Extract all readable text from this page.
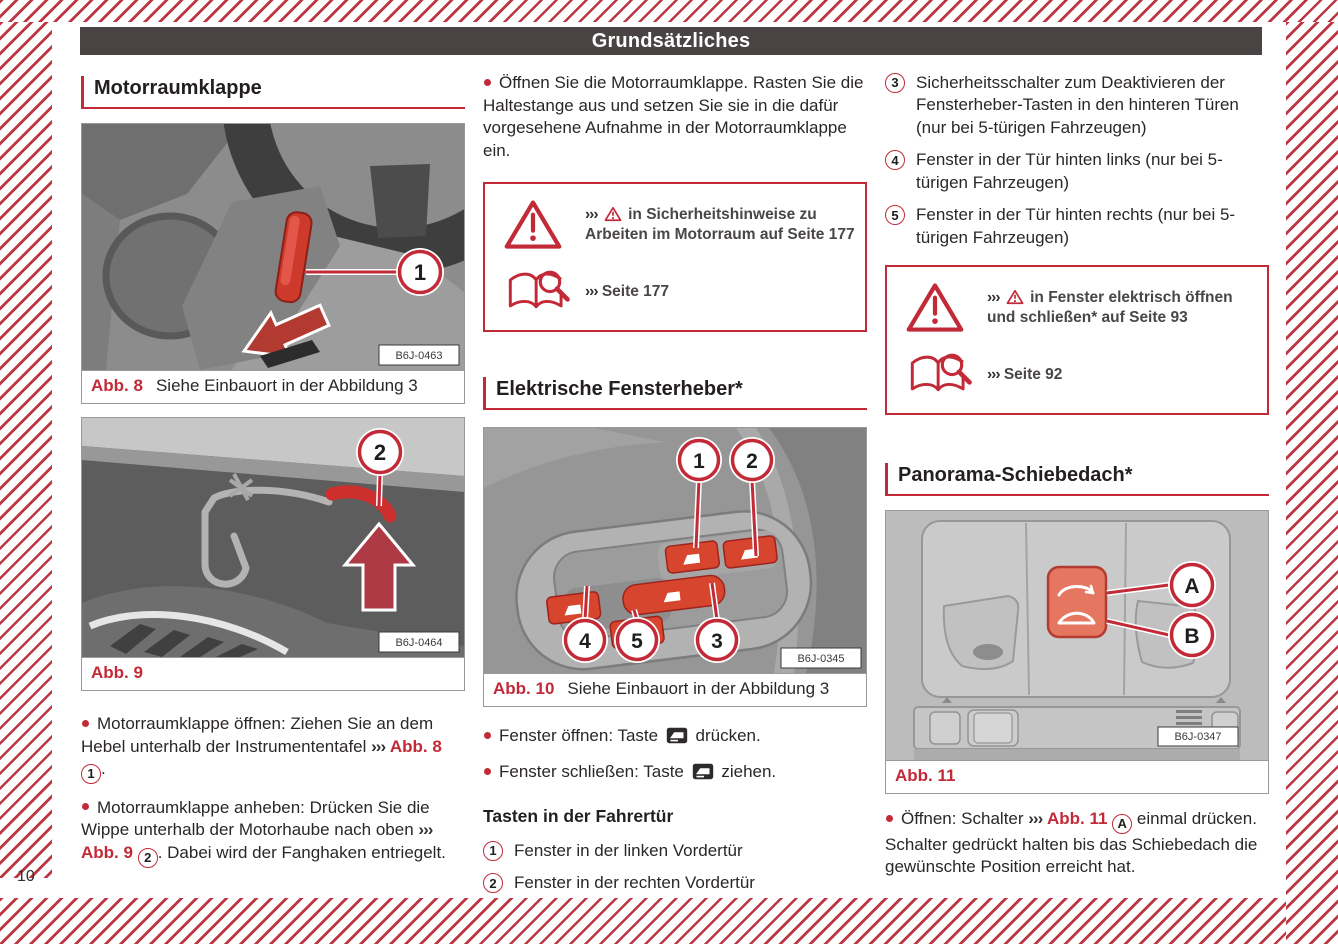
Grundsätzliches
Motorraumklappe
1
B6J-0463
Abb. 8 Siehe Einbauort in der Abbildung 3
2
B6J-0464
Abb. 9

Motorraumklappe öffnen: Ziehen Sie an dem Hebel unterhalb der Instrumententafel ››› Abb. 8 1 .

Motorraumklappe anheben: Drücken Sie die Wippe unterhalb der Motorhaube nach oben ››› Abb. 9 2 . Dabei wird der Fanghaken entriegelt.

Öffnen Sie die Motorraumklappe. Rasten Sie die Haltestange aus und setzen Sie sie in die dafür vorgesehene Aufnahme in der Motorraumklappe ein.

››› in Sicherheitshinweise zu Arbeiten im Motorraum auf Seite 177
››› Seite 177
Elektrische Fensterheber*
1 2
4 5	3
B6J-0345
Abb. 10 Siehe Einbauort in der Abbildung 3

Fenster öffnen: Taste  drücken.

Fenster schließen: Taste  ziehen.

Tasten in der Fahrertür
1	Fenster in der linken Vordertür
2	Fenster in der rechten Vordertür
3	Sicherheitsschalter zum Deaktivieren der Fensterheber-Tasten in den hinteren Türen (nur bei 5-türigen Fahrzeugen)
4	Fenster in der Tür hinten links (nur bei 5-türigen Fahrzeugen)
5	Fenster in der Tür hinten rechts (nur bei 5-türigen Fahrzeugen)
››› in Fenster elektrisch öffnen und schließen* auf Seite 93
››› Seite 92
Panorama-Schiebedach*
A
B
B6J-0347
Abb. 11

Öffnen: Schalter ››› Abb. 11 A einmal drücken. Schalter gedrückt halten bis das Schiebedach die gewünschte Position erreicht hat.

10
